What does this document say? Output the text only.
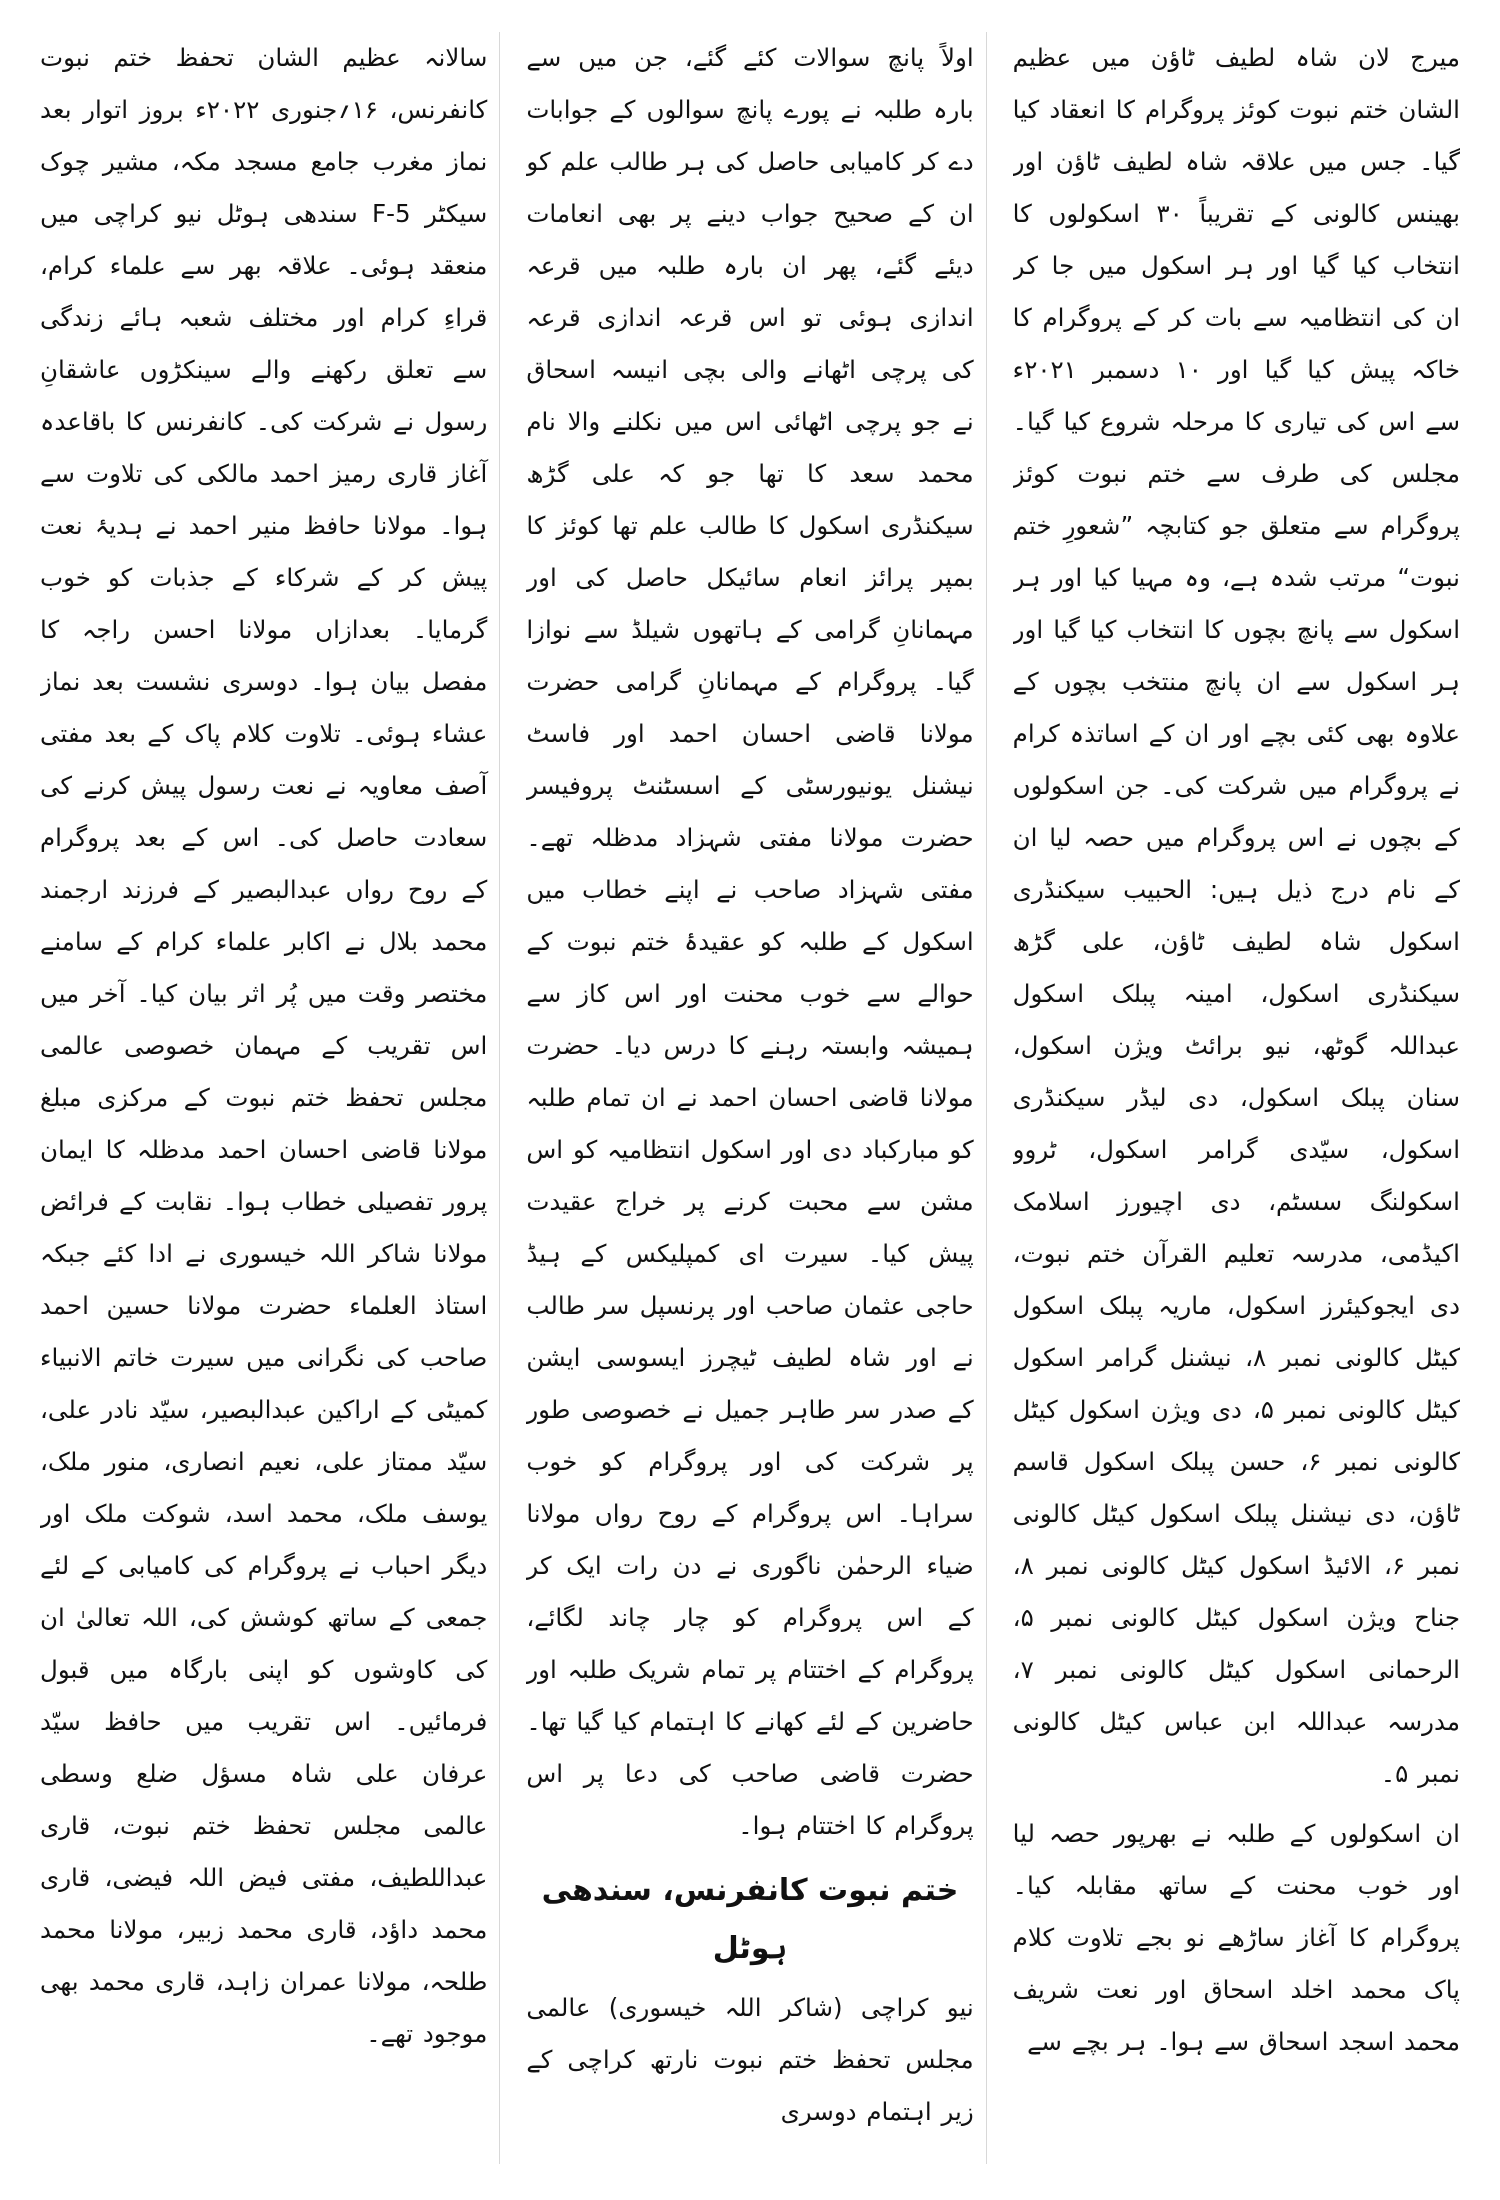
میرج لان شاہ لطیف ٹاؤن میں عظیم الشان ختم نبوت کوئز پروگرام کا انعقاد کیا گیا۔ جس میں علاقہ شاہ لطیف ٹاؤن اور بھینس کالونی کے تقریباً ۳۰ اسکولوں کا انتخاب کیا گیا اور ہر اسکول میں جا کر ان کی انتظامیہ سے بات کر کے پروگرام کا خاکہ پیش کیا گیا اور ۱۰ دسمبر ۲۰۲۱ء سے اس کی تیاری کا مرحلہ شروع کیا گیا۔ مجلس کی طرف سے ختم نبوت کوئز پروگرام سے متعلق جو کتابچہ ”شعورِ ختم نبوت“ مرتب شدہ ہے، وہ مہیا کیا اور ہر اسکول سے پانچ بچوں کا انتخاب کیا گیا اور ہر اسکول سے ان پانچ منتخب بچوں کے علاوہ بھی کئی بچے اور ان کے اساتذہ کرام نے پروگرام میں شرکت کی۔ جن اسکولوں کے بچوں نے اس پروگرام میں حصہ لیا ان کے نام درج ذیل ہیں: الحبیب سیکنڈری اسکول شاہ لطیف ٹاؤن، علی گڑھ سیکنڈری اسکول، امینہ پبلک اسکول عبداللہ گوٹھ، نیو برائٹ ویژن اسکول، سنان پبلک اسکول، دی لیڈر سیکنڈری اسکول، سیّدی گرامر اسکول، ٹروو اسکولنگ سسٹم، دی اچیورز اسلامک اکیڈمی، مدرسہ تعلیم القرآن ختم نبوت، دی ایجوکیئرز اسکول، ماریہ پبلک اسکول کیٹل کالونی نمبر ۸، نیشنل گرامر اسکول کیٹل کالونی نمبر ۵، دی ویژن اسکول کیٹل کالونی نمبر ۶، حسن پبلک اسکول قاسم ٹاؤن، دی نیشنل پبلک اسکول کیٹل کالونی نمبر ۶، الائیڈ اسکول کیٹل کالونی نمبر ۸، جناح ویژن اسکول کیٹل کالونی نمبر ۵، الرحمانی اسکول کیٹل کالونی نمبر ۷، مدرسہ عبداللہ ابن عباس کیٹل کالونی نمبر ۵۔

ان اسکولوں کے طلبہ نے بھرپور حصہ لیا اور خوب محنت کے ساتھ مقابلہ کیا۔ پروگرام کا آغاز ساڑھے نو بجے تلاوت کلام پاک محمد اخلد اسحاق اور نعت شریف محمد اسجد اسحاق سے ہوا۔ ہر بچے سے

اولاً پانچ سوالات کئے گئے، جن میں سے بارہ طلبہ نے پورے پانچ سوالوں کے جوابات دے کر کامیابی حاصل کی ہر طالب علم کو ان کے صحیح جواب دینے پر بھی انعامات دیئے گئے، پھر ان بارہ طلبہ میں قرعہ اندازی ہوئی تو اس قرعہ اندازی قرعہ کی پرچی اٹھانے والی بچی انیسہ اسحاق نے جو پرچی اٹھائی اس میں نکلنے والا نام محمد سعد کا تھا جو کہ علی گڑھ سیکنڈری اسکول کا طالب علم تھا کوئز کا بمپر پرائز انعام سائیکل حاصل کی اور مہمانانِ گرامی کے ہاتھوں شیلڈ سے نوازا گیا۔ پروگرام کے مہمانانِ گرامی حضرت مولانا قاضی احسان احمد اور فاسٹ نیشنل یونیورسٹی کے اسسٹنٹ پروفیسر حضرت مولانا مفتی شہزاد مدظلہ تھے۔ مفتی شہزاد صاحب نے اپنے خطاب میں اسکول کے طلبہ کو عقیدۂ ختم نبوت کے حوالے سے خوب محنت اور اس کاز سے ہمیشہ وابستہ رہنے کا درس دیا۔ حضرت مولانا قاضی احسان احمد نے ان تمام طلبہ کو مبارکباد دی اور اسکول انتظامیہ کو اس مشن سے محبت کرنے پر خراج عقیدت پیش کیا۔ سیرت ای کمپلیکس کے ہیڈ حاجی عثمان صاحب اور پرنسپل سر طالب نے اور شاہ لطیف ٹیچرز ایسوسی ایشن کے صدر سر طاہر جمیل نے خصوصی طور پر شرکت کی اور پروگرام کو خوب سراہا۔ اس پروگرام کے روح رواں مولانا ضیاء الرحمٰن ناگوری نے دن رات ایک کر کے اس پروگرام کو چار چاند لگائے، پروگرام کے اختتام پر تمام شریک طلبہ اور حاضرین کے لئے کھانے کا اہتمام کیا گیا تھا۔ حضرت قاضی صاحب کی دعا پر اس پروگرام کا اختتام ہوا۔

ختم نبوت کانفرنس، سندھی ہوٹل

نیو کراچی (شاکر اللہ خیسوری) عالمی مجلس تحفظ ختم نبوت نارتھ کراچی کے زیر اہتمام دوسری

سالانہ عظیم الشان تحفظ ختم نبوت کانفرنس، ۱۶؍جنوری ۲۰۲۲ء بروز اتوار بعد نماز مغرب جامع مسجد مکہ، مشیر چوک سیکٹر F-5 سندھی ہوٹل نیو کراچی میں منعقد ہوئی۔ علاقہ بھر سے علماء کرام، قراءِ کرام اور مختلف شعبہ ہائے زندگی سے تعلق رکھنے والے سینکڑوں عاشقانِ رسول نے شرکت کی۔ کانفرنس کا باقاعدہ آغاز قاری رمیز احمد مالکی کی تلاوت سے ہوا۔ مولانا حافظ منیر احمد نے ہدیۂ نعت پیش کر کے شرکاء کے جذبات کو خوب گرمایا۔ بعدازاں مولانا احسن راجہ کا مفصل بیان ہوا۔ دوسری نشست بعد نماز عشاء ہوئی۔ تلاوت کلام پاک کے بعد مفتی آصف معاویہ نے نعت رسول پیش کرنے کی سعادت حاصل کی۔ اس کے بعد پروگرام کے روح رواں عبدالبصیر کے فرزند ارجمند محمد بلال نے اکابر علماء کرام کے سامنے مختصر وقت میں پُر اثر بیان کیا۔ آخر میں اس تقریب کے مہمان خصوصی عالمی مجلس تحفظ ختم نبوت کے مرکزی مبلغ مولانا قاضی احسان احمد مدظلہ کا ایمان پرور تفصیلی خطاب ہوا۔ نقابت کے فرائض مولانا شاکر اللہ خیسوری نے ادا کئے جبکہ استاذ العلماء حضرت مولانا حسین احمد صاحب کی نگرانی میں سیرت خاتم الانبیاء کمیٹی کے اراکین عبدالبصیر، سیّد نادر علی، سیّد ممتاز علی، نعیم انصاری، منور ملک، یوسف ملک، محمد اسد، شوکت ملک اور دیگر احباب نے پروگرام کی کامیابی کے لئے جمعی کے ساتھ کوشش کی، اللہ تعالیٰ ان کی کاوشوں کو اپنی بارگاہ میں قبول فرمائیں۔ اس تقریب میں حافظ سیّد عرفان علی شاہ مسؤل ضلع وسطی عالمی مجلس تحفظ ختم نبوت، قاری عبداللطیف، مفتی فیض اللہ فیضی، قاری محمد داؤد، قاری محمد زبیر، مولانا محمد طلحہ، مولانا عمران زاہد، قاری محمد بھی موجود تھے۔
